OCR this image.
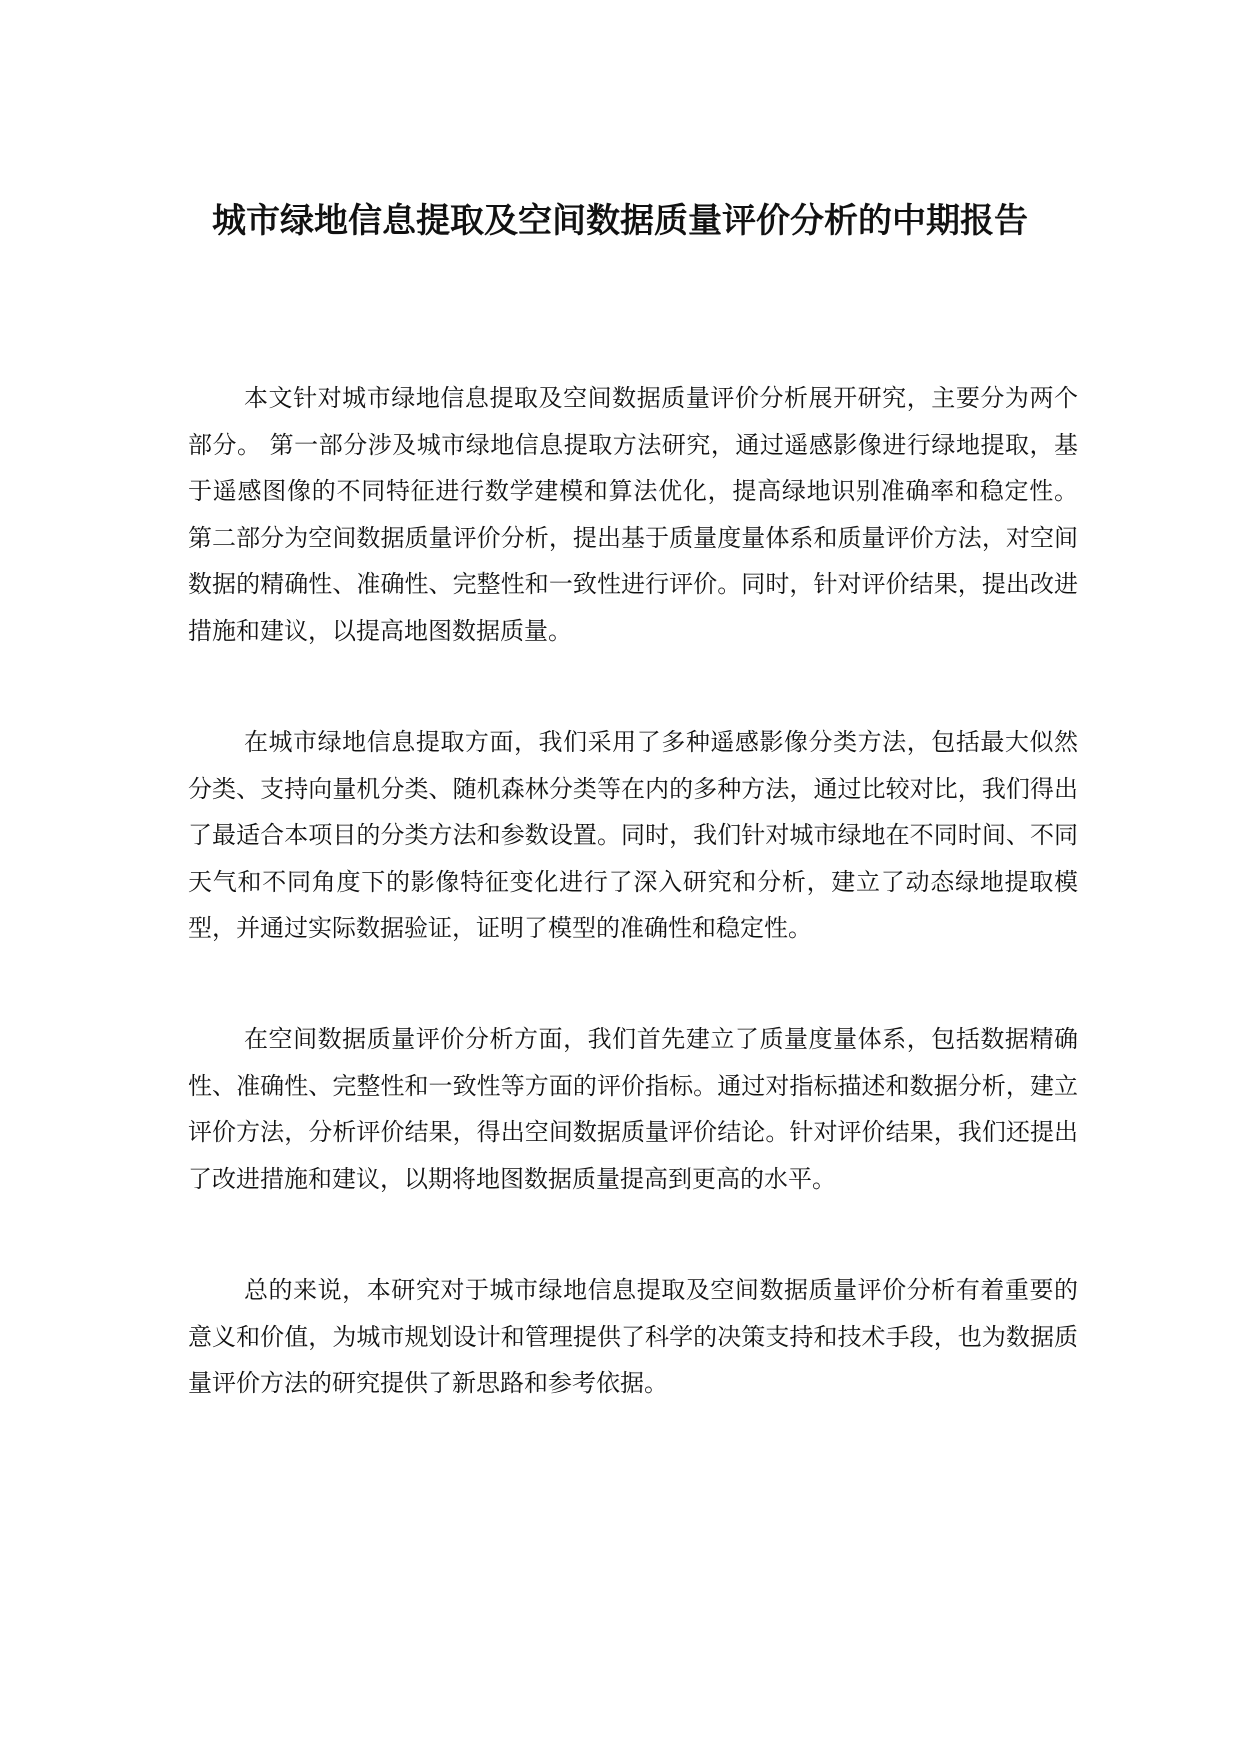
城市绿地信息提取及空间数据质量评价分析的中期报告

本文针对城市绿地信息提取及空间数据质量评价分析展开研究，主要分为两个部分。 第一部分涉及城市绿地信息提取方法研究，通过遥感影像进行绿地提取，基于遥感图像的不同特征进行数学建模和算法优化，提高绿地识别准确率和稳定性。 第二部分为空间数据质量评价分析，提出基于质量度量体系和质量评价方法，对空间数据的精确性、准确性、完整性和一致性进行评价。同时，针对评价结果，提出改进措施和建议，以提高地图数据质量。

在城市绿地信息提取方面，我们采用了多种遥感影像分类方法，包括最大似然分类、支持向量机分类、随机森林分类等在内的多种方法，通过比较对比，我们得出了最适合本项目的分类方法和参数设置。同时，我们针对城市绿地在不同时间、不同天气和不同角度下的影像特征变化进行了深入研究和分析，建立了动态绿地提取模型，并通过实际数据验证，证明了模型的准确性和稳定性。

在空间数据质量评价分析方面，我们首先建立了质量度量体系，包括数据精确性、准确性、完整性和一致性等方面的评价指标。通过对指标描述和数据分析，建立评价方法，分析评价结果，得出空间数据质量评价结论。针对评价结果，我们还提出了改进措施和建议，以期将地图数据质量提高到更高的水平。

总的来说，本研究对于城市绿地信息提取及空间数据质量评价分析有着重要的意义和价值，为城市规划设计和管理提供了科学的决策支持和技术手段，也为数据质量评价方法的研究提供了新思路和参考依据。
